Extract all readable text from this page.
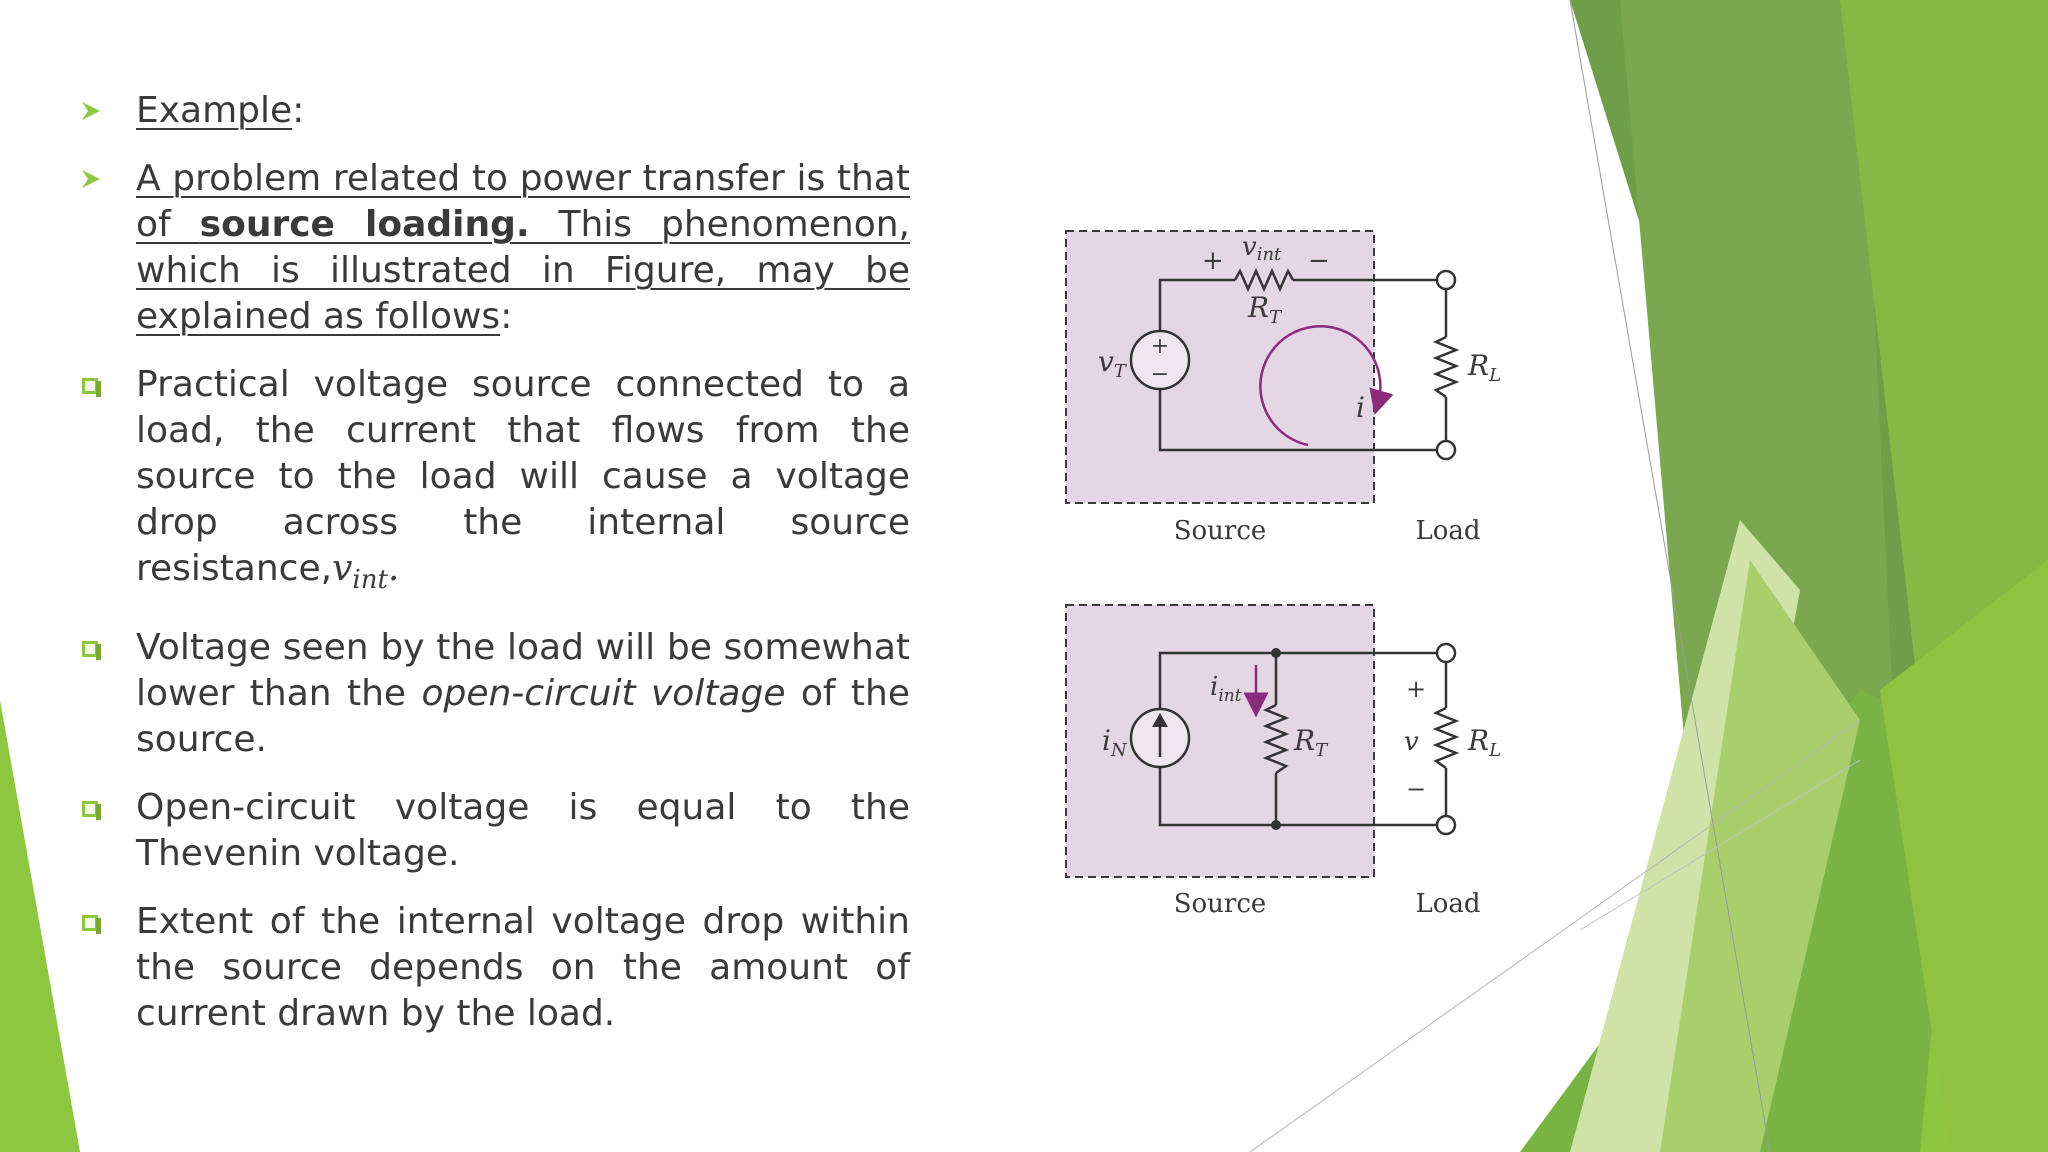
Example:
A problem related to power transfer is that of source loading. This phenomenon, which is illustrated in Figure, may be explained as follows:
Practical voltage source connected to a load, the current that flows from the source to the load will cause a voltage drop across the internal source $resistance,v_{int}$.
Voltage seen by the load will be somewhat lower than the open-circuit voltage of the source.
Open-circuit voltage is equal to the Thevenin voltage.
Extent of the internal voltage drop within the source depends on the amount of current drawn by the load.
+
−
$v_T$
$R_T$
vint
+	−
i
$R_L$
Source	Load
$i_N$	$R_T$
$i_{int}$
$R_L$
+
v
−
Source	Load
